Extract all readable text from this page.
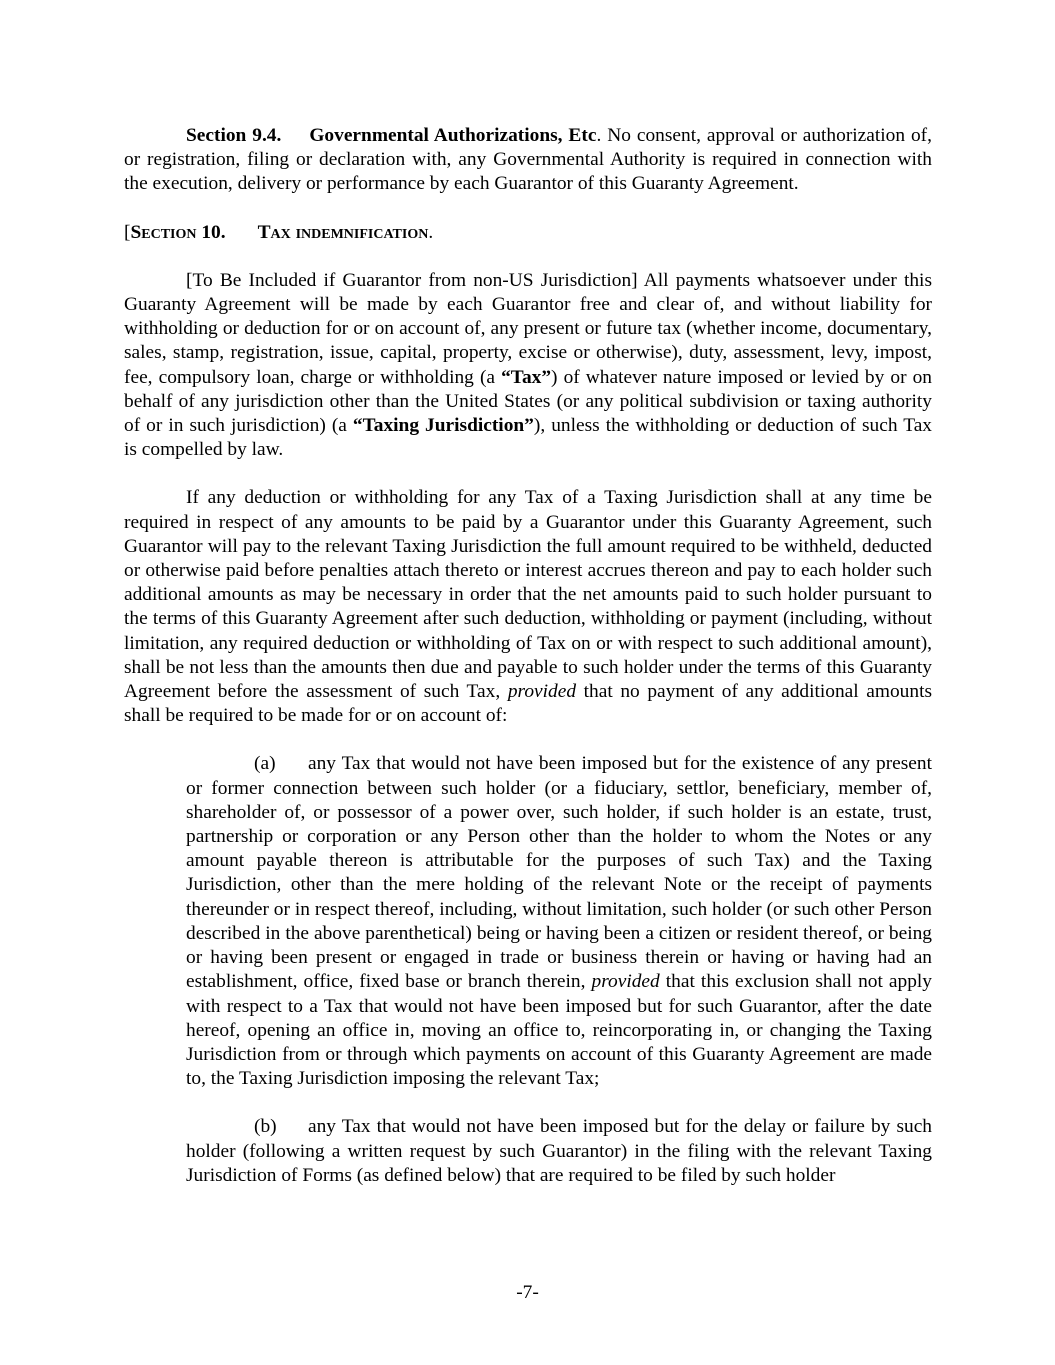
Section 9.4. Governmental Authorizations, Etc. No consent, approval or authorization of, or registration, filing or declaration with, any Governmental Authority is required in connection with the execution, delivery or performance by each Guarantor of this Guaranty Agreement.

[Section 10. Tax indemnification.

[To Be Included if Guarantor from non-US Jurisdiction] All payments whatsoever under this Guaranty Agreement will be made by each Guarantor free and clear of, and without liability for withholding or deduction for or on account of, any present or future tax (whether income, documentary, sales, stamp, registration, issue, capital, property, excise or otherwise), duty, assessment, levy, impost, fee, compulsory loan, charge or withholding (a “Tax”) of whatever nature imposed or levied by or on behalf of any jurisdiction other than the United States (or any political subdivision or taxing authority of or in such jurisdiction) (a “Taxing Jurisdiction”), unless the withholding or deduction of such Tax is compelled by law.

If any deduction or withholding for any Tax of a Taxing Jurisdiction shall at any time be required in respect of any amounts to be paid by a Guarantor under this Guaranty Agreement, such Guarantor will pay to the relevant Taxing Jurisdiction the full amount required to be withheld, deducted or otherwise paid before penalties attach thereto or interest accrues thereon and pay to each holder such additional amounts as may be necessary in order that the net amounts paid to such holder pursuant to the terms of this Guaranty Agreement after such deduction, withholding or payment (including, without limitation, any required deduction or withholding of Tax on or with respect to such additional amount), shall be not less than the amounts then due and payable to such holder under the terms of this Guaranty Agreement before the assessment of such Tax, provided that no payment of any additional amounts shall be required to be made for or on account of:

(a) any Tax that would not have been imposed but for the existence of any present or former connection between such holder (or a fiduciary, settlor, beneficiary, member of, shareholder of, or possessor of a power over, such holder, if such holder is an estate, trust, partnership or corporation or any Person other than the holder to whom the Notes or any amount payable thereon is attributable for the purposes of such Tax) and the Taxing Jurisdiction, other than the mere holding of the relevant Note or the receipt of payments thereunder or in respect thereof, including, without limitation, such holder (or such other Person described in the above parenthetical) being or having been a citizen or resident thereof, or being or having been present or engaged in trade or business therein or having or having had an establishment, office, fixed base or branch therein, provided that this exclusion shall not apply with respect to a Tax that would not have been imposed but for such Guarantor, after the date hereof, opening an office in, moving an office to, reincorporating in, or changing the Taxing Jurisdiction from or through which payments on account of this Guaranty Agreement are made to, the Taxing Jurisdiction imposing the relevant Tax;

(b) any Tax that would not have been imposed but for the delay or failure by such holder (following a written request by such Guarantor) in the filing with the relevant Taxing Jurisdiction of Forms (as defined below) that are required to be filed by such holder

-7-
